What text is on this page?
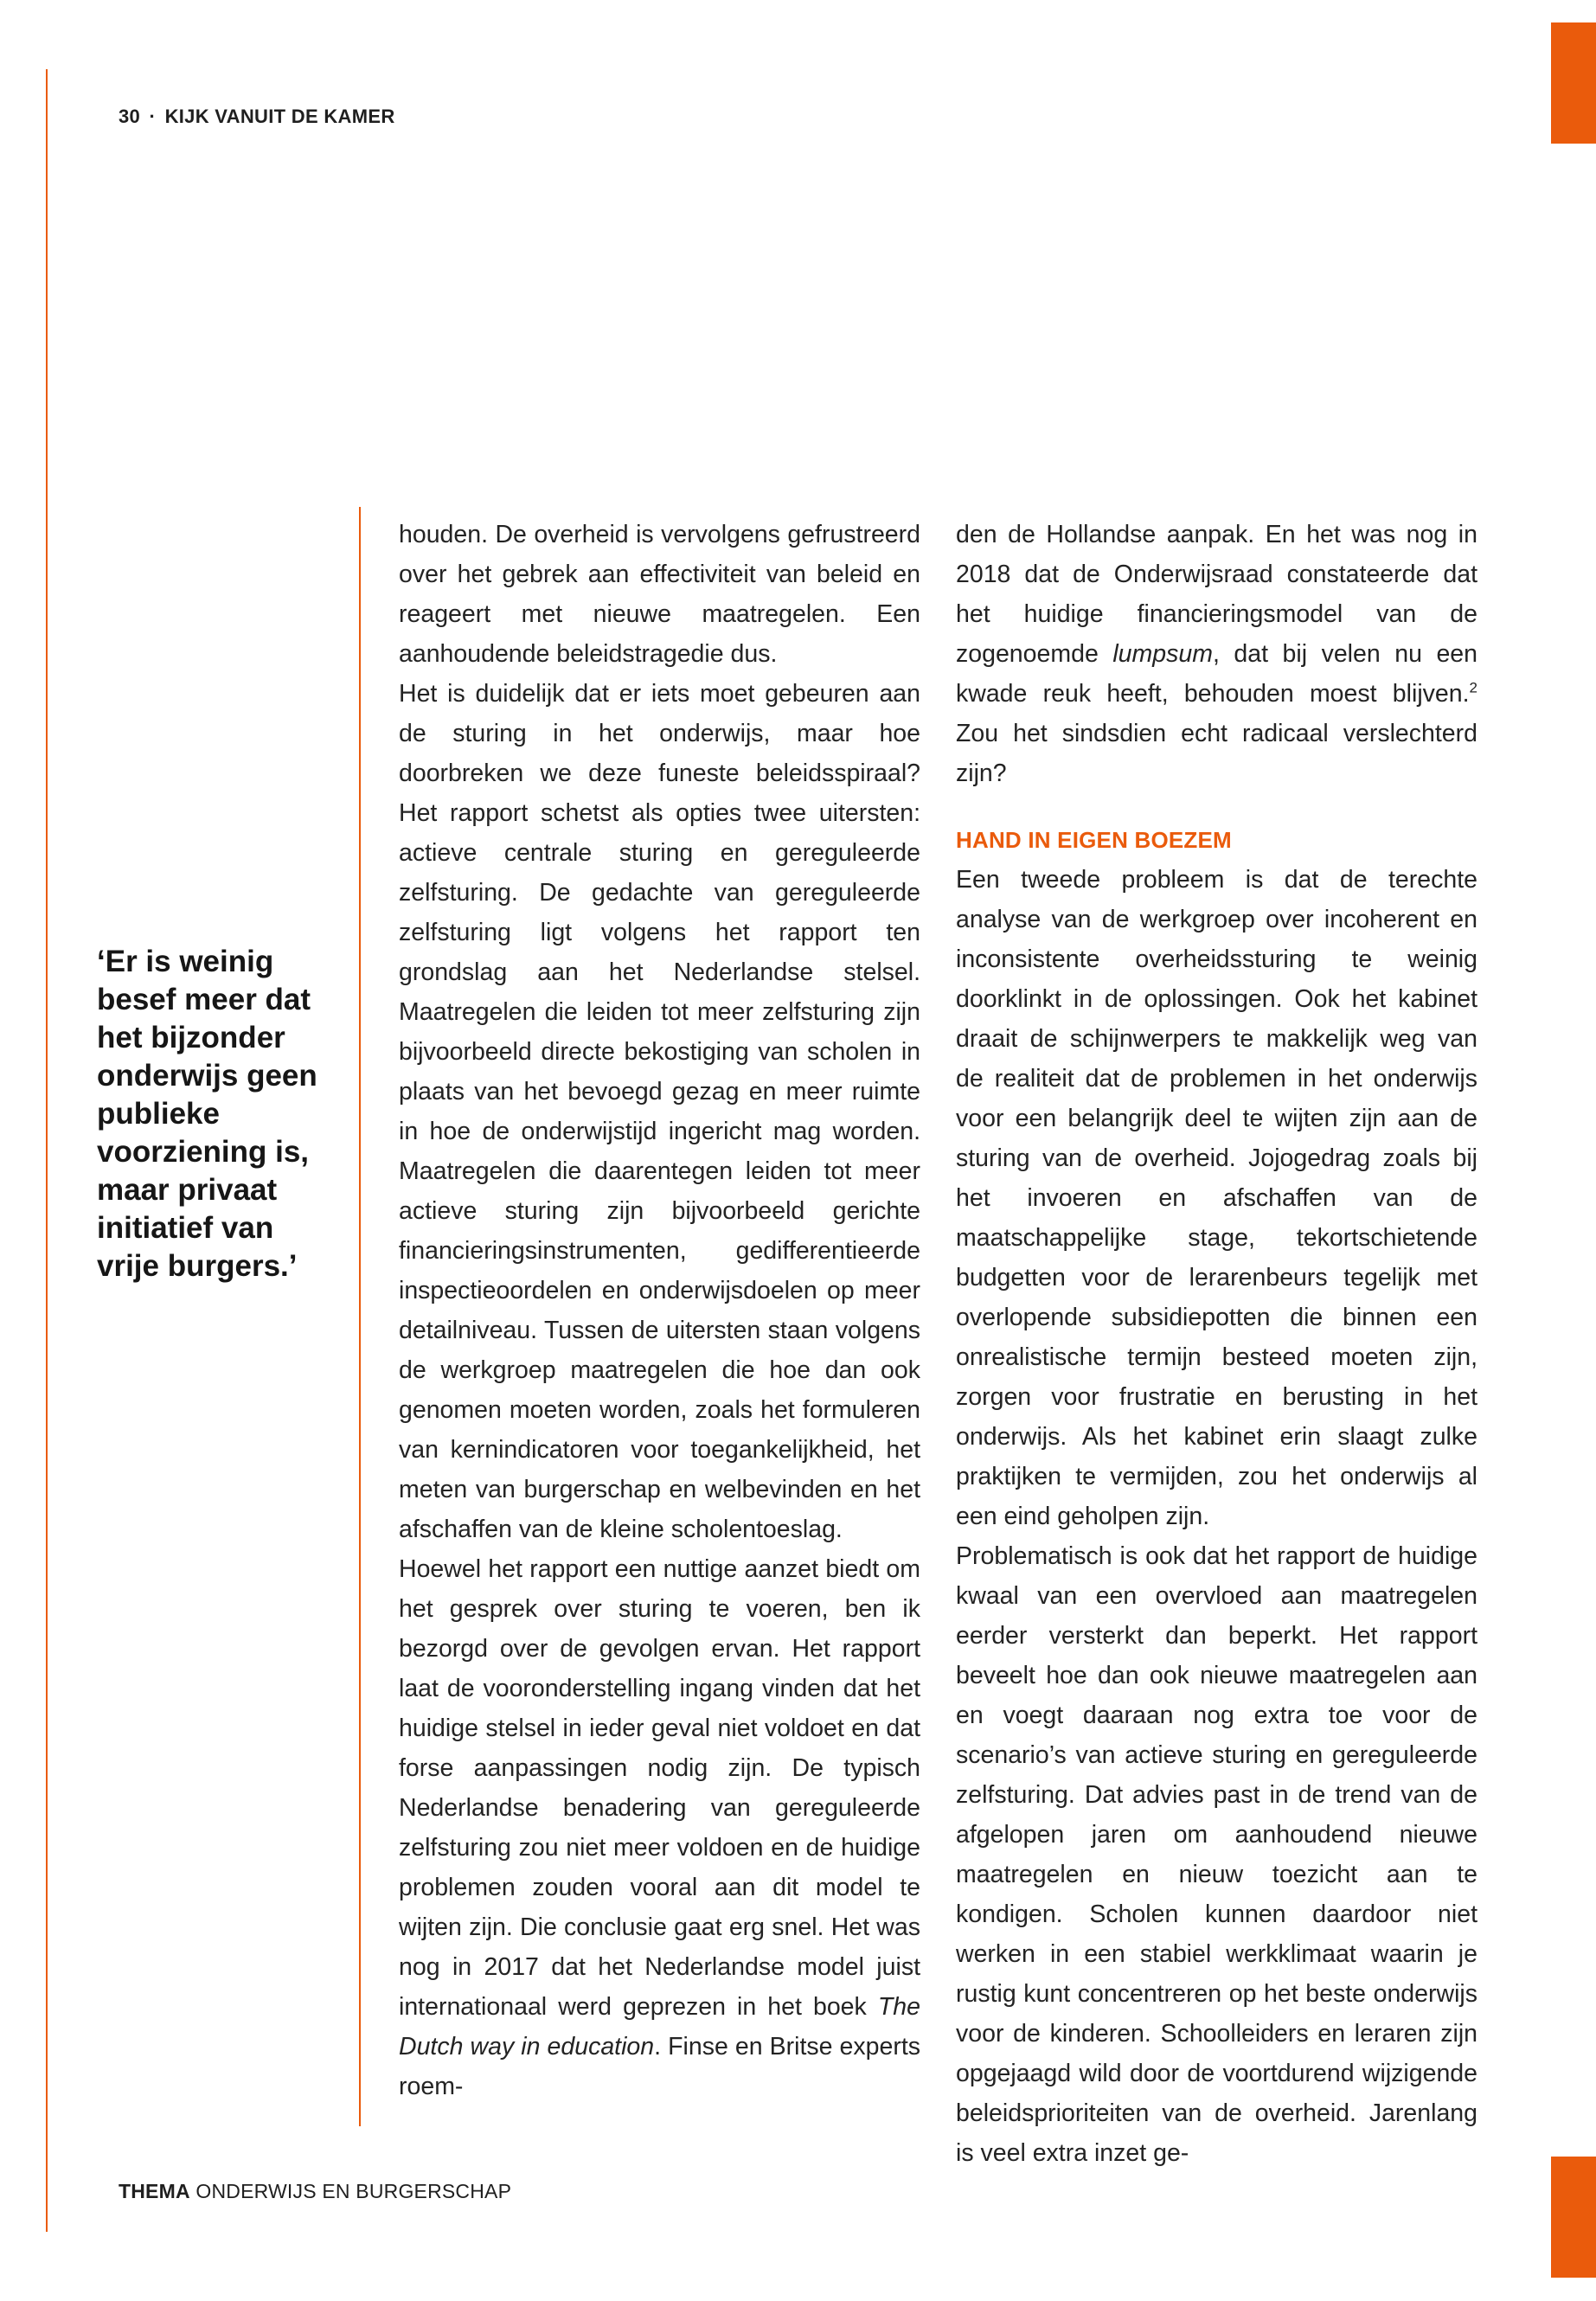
30 · KIJK VANUIT DE KAMER
‘Er is weinig besef meer dat het bijzonder onderwijs geen publieke voorziening is, maar privaat initiatief van vrije burgers.’

houden. De overheid is vervolgens gefrustreerd over het gebrek aan effectiviteit van beleid en reageert met nieuwe maatregelen. Een aanhoudende beleidstragedie dus.

Het is duidelijk dat er iets moet gebeuren aan de sturing in het onderwijs, maar hoe doorbreken we deze funeste beleidsspiraal? Het rapport schetst als opties twee uitersten: actieve centrale sturing en gereguleerde zelfsturing. De gedachte van gereguleerde zelfsturing ligt volgens het rapport ten grondslag aan het Nederlandse stelsel. Maatregelen die leiden tot meer zelfsturing zijn bijvoorbeeld directe bekostiging van scholen in plaats van het bevoegd gezag en meer ruimte in hoe de onderwijstijd ingericht mag worden. Maatregelen die daarentegen leiden tot meer actieve sturing zijn bijvoorbeeld gerichte financieringsinstrumenten, gedifferentieerde inspectieoordelen en onderwijsdoelen op meer detailniveau. Tussen de uitersten staan volgens de werkgroep maatregelen die hoe dan ook genomen moeten worden, zoals het formuleren van kernindicatoren voor toegankelijkheid, het meten van burgerschap en welbevinden en het afschaffen van de kleine scholentoeslag.

Hoewel het rapport een nuttige aanzet biedt om het gesprek over sturing te voeren, ben ik bezorgd over de gevolgen ervan. Het rapport laat de vooronderstelling ingang vinden dat het huidige stelsel in ieder geval niet voldoet en dat forse aanpassingen nodig zijn. De typisch Nederlandse benadering van gereguleerde zelfsturing zou niet meer voldoen en de huidige problemen zouden vooral aan dit model te wijten zijn. Die conclusie gaat erg snel. Het was nog in 2017 dat het Nederlandse model juist internationaal werd geprezen in het boek The Dutch way in education. Finse en Britse experts roem-

den de Hollandse aanpak. En het was nog in 2018 dat de Onderwijsraad constateerde dat het huidige financieringsmodel van de zogenoemde lumpsum, dat bij velen nu een kwade reuk heeft, behouden moest blijven.$^2$ Zou het sindsdien echt radicaal verslechterd zijn?

HAND IN EIGEN BOEZEM

Een tweede probleem is dat de terechte analyse van de werkgroep over incoherent en inconsistente overheidssturing te weinig doorklinkt in de oplossingen. Ook het kabinet draait de schijnwerpers te makkelijk weg van de realiteit dat de problemen in het onderwijs voor een belangrijk deel te wijten zijn aan de sturing van de overheid. Jojogedrag zoals bij het invoeren en afschaffen van de maatschappelijke stage, tekortschietende budgetten voor de lerarenbeurs tegelijk met overlopende subsidiepotten die binnen een onrealistische termijn besteed moeten zijn, zorgen voor frustratie en berusting in het onderwijs. Als het kabinet erin slaagt zulke praktijken te vermijden, zou het onderwijs al een eind geholpen zijn.

Problematisch is ook dat het rapport de huidige kwaal van een overvloed aan maatregelen eerder versterkt dan beperkt. Het rapport beveelt hoe dan ook nieuwe maatregelen aan en voegt daaraan nog extra toe voor de scenario’s van actieve sturing en gereguleerde zelfsturing. Dat advies past in de trend van de afgelopen jaren om aanhoudend nieuwe maatregelen en nieuw toezicht aan te kondigen. Scholen kunnen daardoor niet werken in een stabiel werkklimaat waarin je rustig kunt concentreren op het beste onderwijs voor de kinderen. Schoolleiders en leraren zijn opgejaagd wild door de voortdurend wijzigende beleidsprioriteiten van de overheid. Jarenlang is veel extra inzet ge-

THEMA ONDERWIJS EN BURGERSCHAP
